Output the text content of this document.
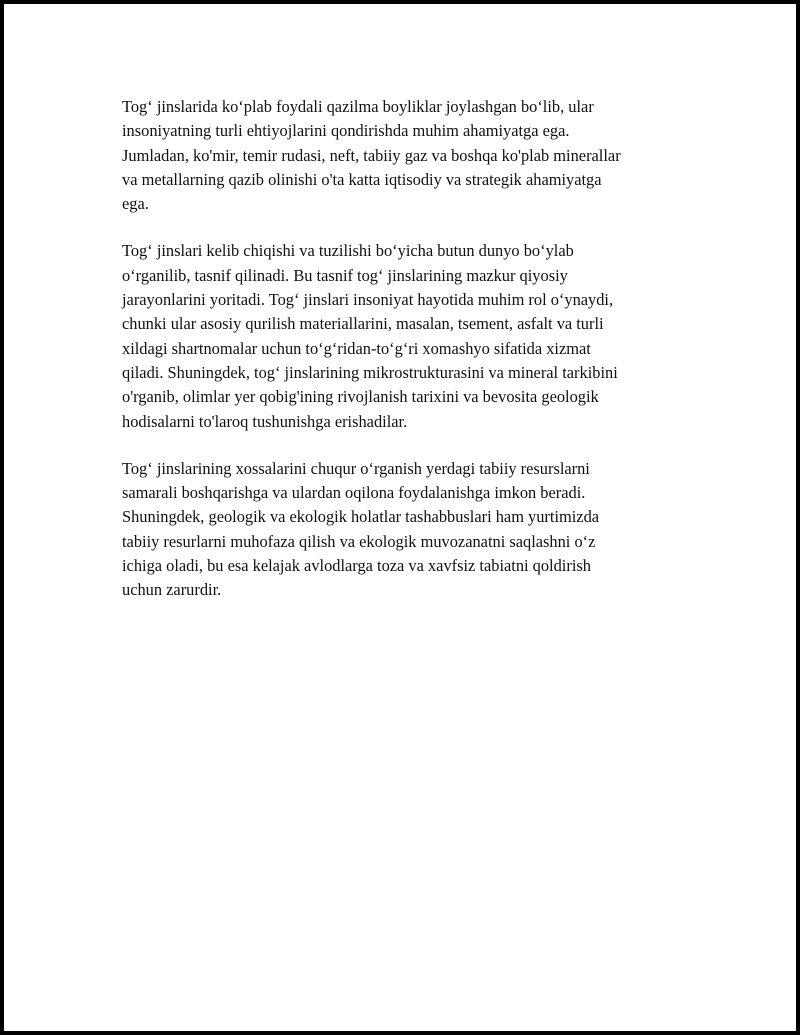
Tog‘ jinslarida ko‘plab foydali qazilma boyliklar joylashgan bo‘lib, ular
insoniyatning turli ehtiyojlarini qondirishda muhim ahamiyatga ega.
Jumladan, ko'mir, temir rudasi, neft, tabiiy gaz va boshqa ko'plab minerallar
va metallarning qazib olinishi o'ta katta iqtisodiy va strategik ahamiyatga
ega.

Tog‘ jinslari kelib chiqishi va tuzilishi bo‘yicha butun dunyo bo‘ylab
o‘rganilib, tasnif qilinadi. Bu tasnif tog‘ jinslarining mazkur qiyosiy
jarayonlarini yoritadi. Tog‘ jinslari insoniyat hayotida muhim rol o‘ynaydi,
chunki ular asosiy qurilish materiallarini, masalan, tsement, asfalt va turli
xildagi shartnomalar uchun to‘g‘ridan-to‘g‘ri xomashyo sifatida xizmat
qiladi. Shuningdek, tog‘ jinslarining mikrostrukturasini va mineral tarkibini
o'rganib, olimlar yer qobig'ining rivojlanish tarixini va bevosita geologik
hodisalarni to'laroq tushunishga erishadilar.

Tog‘ jinslarining xossalarini chuqur o‘rganish yerdagi tabiiy resurslarni
samarali boshqarishga va ulardan oqilona foydalanishga imkon beradi.
Shuningdek, geologik va ekologik holatlar tashabbuslari ham yurtimizda
tabiiy resurlarni muhofaza qilish va ekologik muvozanatni saqlashni o‘z
ichiga oladi, bu esa kelajak avlodlarga toza va xavfsiz tabiatni qoldirish
uchun zarurdir.
